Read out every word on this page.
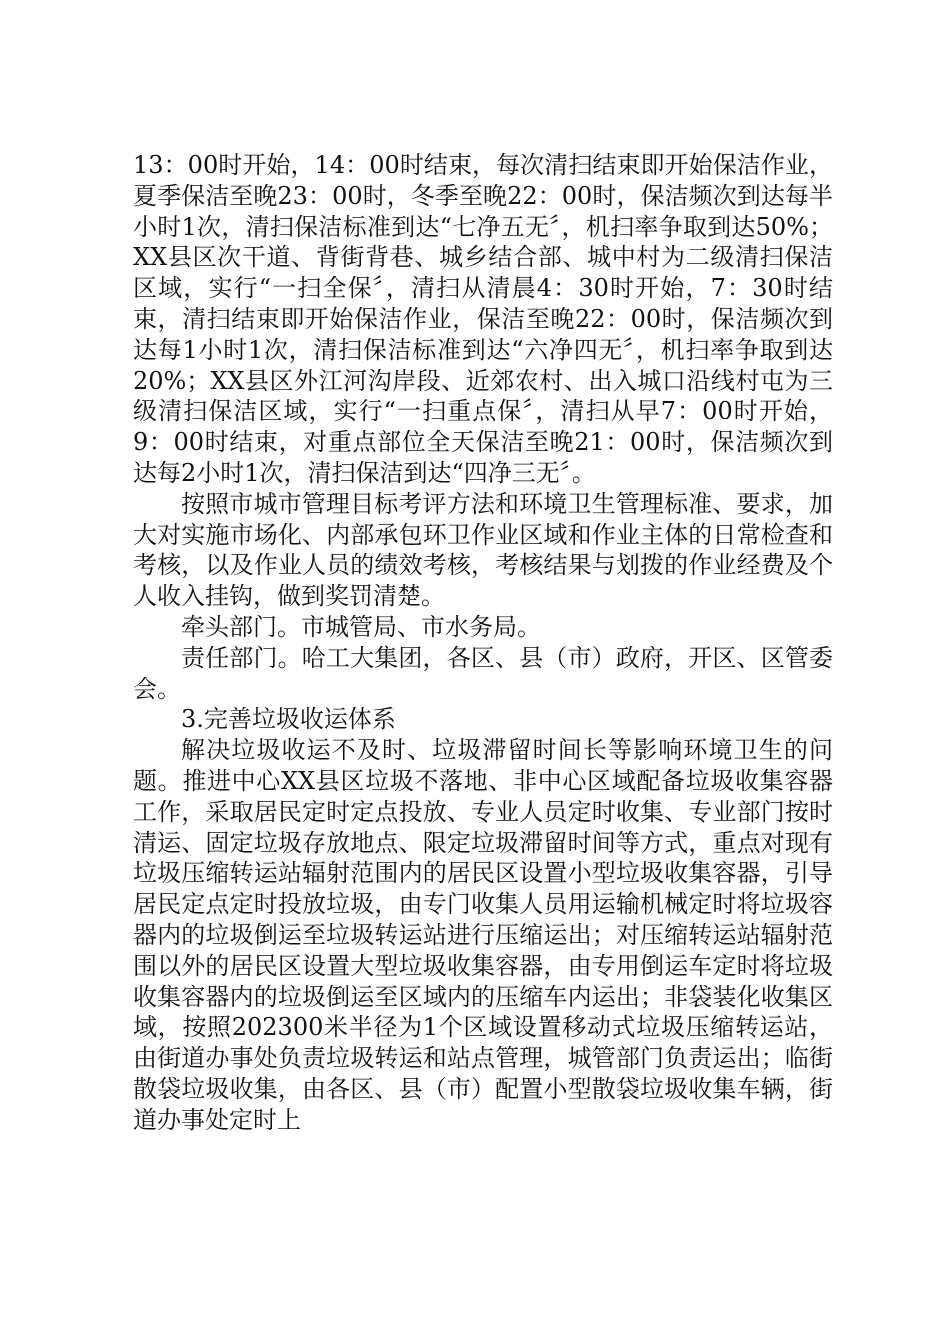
13：00时开始，14：00时结束，每次清扫结束即开始保洁作业，夏季保洁至晚23：00时，冬季至晚22：00时，保洁频次到达每半小时1次，清扫保洁标准到达“七净五无〞，机扫率争取到达50%；XX县区次干道、背街背巷、城乡结合部、城中村为二级清扫保洁区域，实行“一扫全保〞，清扫从清晨4：30时开始，7：30时结束，清扫结束即开始保洁作业，保洁至晚22：00时，保洁频次到达每1小时1次，清扫保洁标准到达“六净四无〞，机扫率争取到达20%；XX县区外江河沟岸段、近郊农村、出入城口沿线村屯为三级清扫保洁区域，实行“一扫重点保〞，清扫从早7：00时开始，9：00时结束，对重点部位全天保洁至晚21：00时，保洁频次到达每2小时1次，清扫保洁到达“四净三无〞。

按照市城市管理目标考评方法和环境卫生管理标准、要求，加大对实施市场化、内部承包环卫作业区域和作业主体的日常检查和考核，以及作业人员的绩效考核，考核结果与划拨的作业经费及个人收入挂钩，做到奖罚清楚。

牵头部门。市城管局、市水务局。

责任部门。哈工大集团，各区、县（市）政府，开区、区管委会。

3.完善垃圾收运体系

解决垃圾收运不及时、垃圾滞留时间长等影响环境卫生的问题。推进中心XX县区垃圾不落地、非中心区域配备垃圾收集容器工作，采取居民定时定点投放、专业人员定时收集、专业部门按时清运、固定垃圾存放地点、限定垃圾滞留时间等方式，重点对现有垃圾压缩转运站辐射范围内的居民区设置小型垃圾收集容器，引导居民定点定时投放垃圾，由专门收集人员用运输机械定时将垃圾容器内的垃圾倒运至垃圾转运站进行压缩运出；对压缩转运站辐射范围以外的居民区设置大型垃圾收集容器，由专用倒运车定时将垃圾收集容器内的垃圾倒运至区域内的压缩车内运出；非袋装化收集区域，按照202300米半径为1个区域设置移动式垃圾压缩转运站，由街道办事处负责垃圾转运和站点管理，城管部门负责运出；临街散袋垃圾收集，由各区、县（市）配置小型散袋垃圾收集车辆，街道办事处定时上
